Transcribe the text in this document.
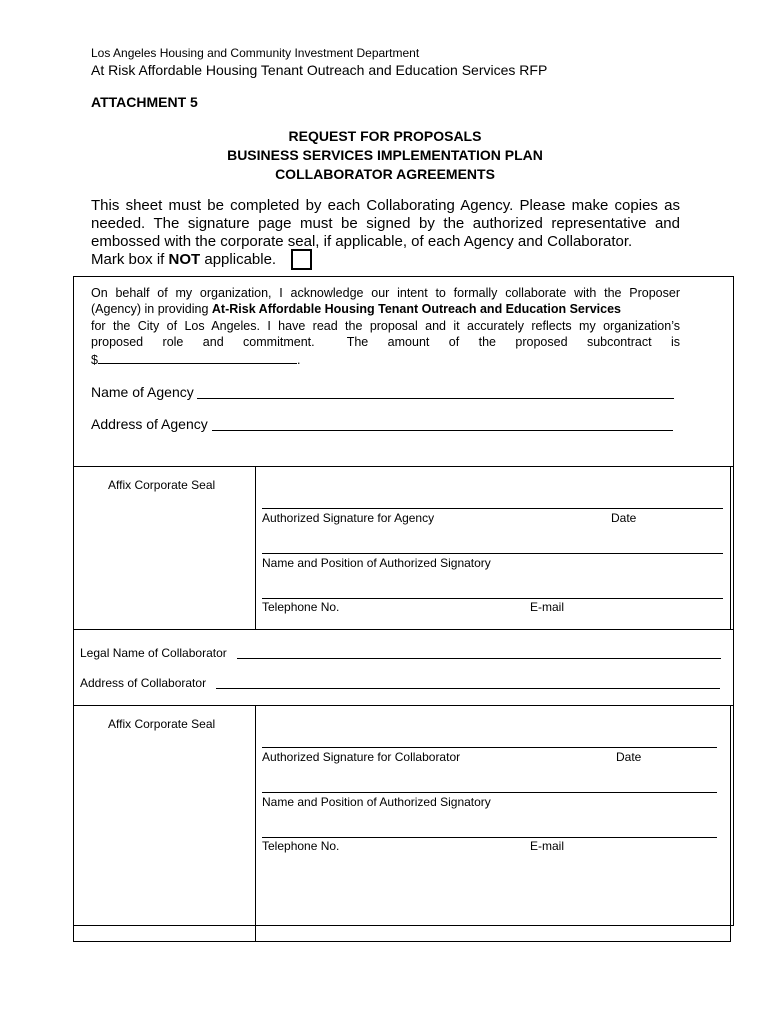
Los Angeles Housing and Community Investment Department
At Risk Affordable Housing Tenant Outreach and Education Services RFP
ATTACHMENT 5
REQUEST FOR PROPOSALS
BUSINESS SERVICES IMPLEMENTATION PLAN
COLLABORATOR AGREEMENTS
This sheet must be completed by each Collaborating Agency. Please make copies as
needed. The signature page must be signed by the authorized representative and
embossed with the corporate seal, if applicable, of each Agency and Collaborator.
Mark box if NOT applicable.
On behalf of my organization, I acknowledge our intent to formally collaborate with the Proposer
(Agency) in providing At-Risk Affordable Housing Tenant Outreach and Education Services
for the City of Los Angeles. I have read the proposal and it accurately reflects my organization’s
proposed   role   and   commitment.     The   amount   of   the   proposed   subcontract   is
$	.
Name of Agency
Address of Agency
Affix Corporate Seal
Authorized Signature for Agency	Date
Name and Position of Authorized Signatory
Telephone No.	E-mail
Legal Name of Collaborator
Address of Collaborator
Affix Corporate Seal
Authorized Signature for Collaborator	Date
Name and Position of Authorized Signatory
Telephone No.	E-mail
